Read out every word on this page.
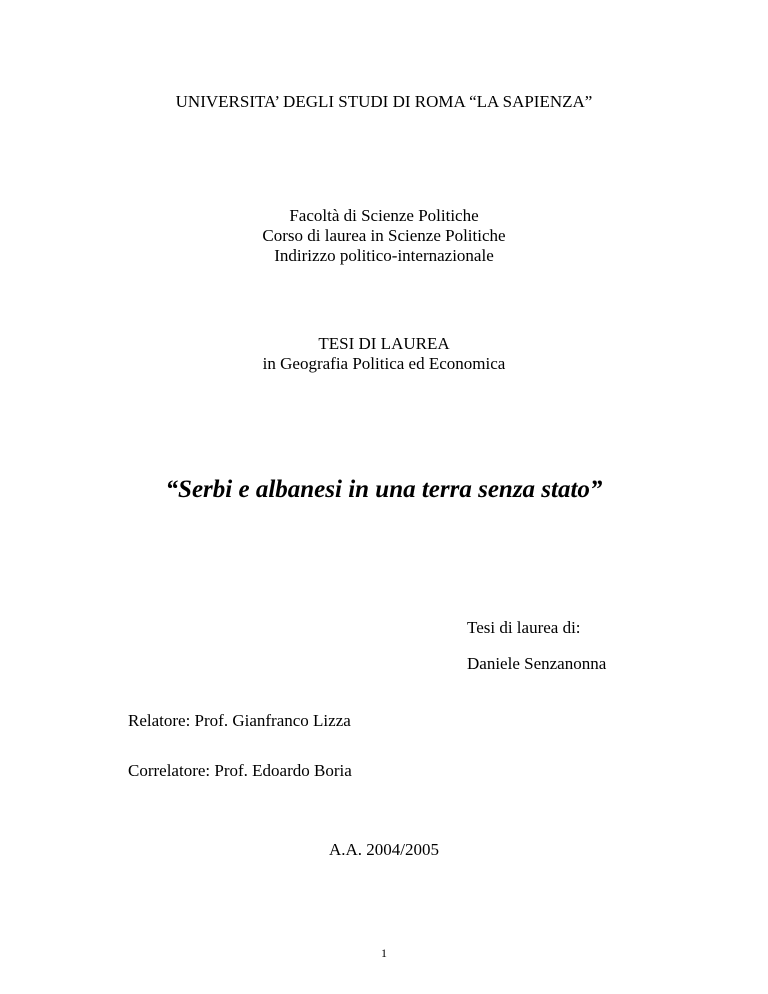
UNIVERSITA’ DEGLI STUDI DI ROMA “LA SAPIENZA”
Facoltà di Scienze Politiche
Corso di laurea in Scienze Politiche
Indirizzo politico-internazionale
TESI DI LAUREA
in Geografia Politica ed Economica
“Serbi e albanesi in una terra senza stato”
Tesi di laurea di:
Daniele Senzanonna
Relatore: Prof. Gianfranco Lizza
Correlatore: Prof. Edoardo Boria
A.A. 2004/2005
1
